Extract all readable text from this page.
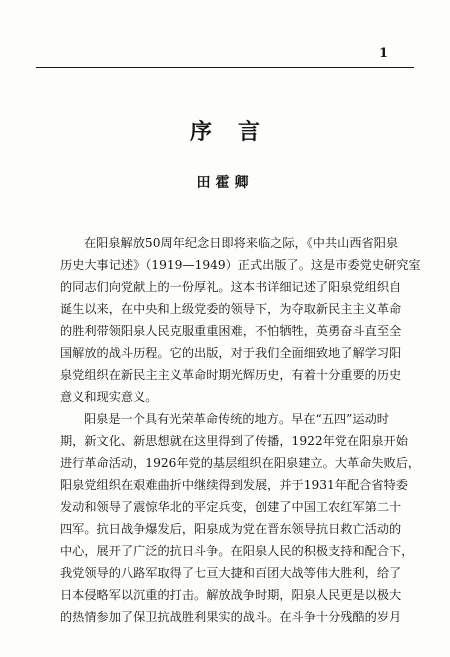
1
序言
田霍卿
在阳泉解放50周年纪念日即将来临之际，《中共山西省阳泉
历史大事记述》（1919—1949）正式出版了。这是市委党史研究室
的同志们向党献上的一份厚礼。这本书详细记述了阳泉党组织自
诞生以来，在中央和上级党委的领导下，为夺取新民主主义革命
的胜利带领阳泉人民克服重重困难，不怕牺牲，英勇奋斗直至全
国解放的战斗历程。它的出版，对于我们全面细致地了解学习阳
泉党组织在新民主主义革命时期光辉历史，有着十分重要的历史
意义和现实意义。
阳泉是一个具有光荣革命传统的地方。早在“五四”运动时
期，新文化、新思想就在这里得到了传播，1922年党在阳泉开始
进行革命活动，1926年党的基层组织在阳泉建立。大革命失败后，
阳泉党组织在艰难曲折中继续得到发展，并于1931年配合省特委
发动和领导了震惊华北的平定兵变，创建了中国工农红军第二十
四军。抗日战争爆发后，阳泉成为党在晋东领导抗日救亡活动的
中心，展开了广泛的抗日斗争。在阳泉人民的积极支持和配合下，
我党领导的八路军取得了七亘大捷和百团大战等伟大胜利，给了
日本侵略军以沉重的打击。解放战争时期，阳泉人民更是以极大
的热情参加了保卫抗战胜利果实的战斗。在斗争十分残酷的岁月
